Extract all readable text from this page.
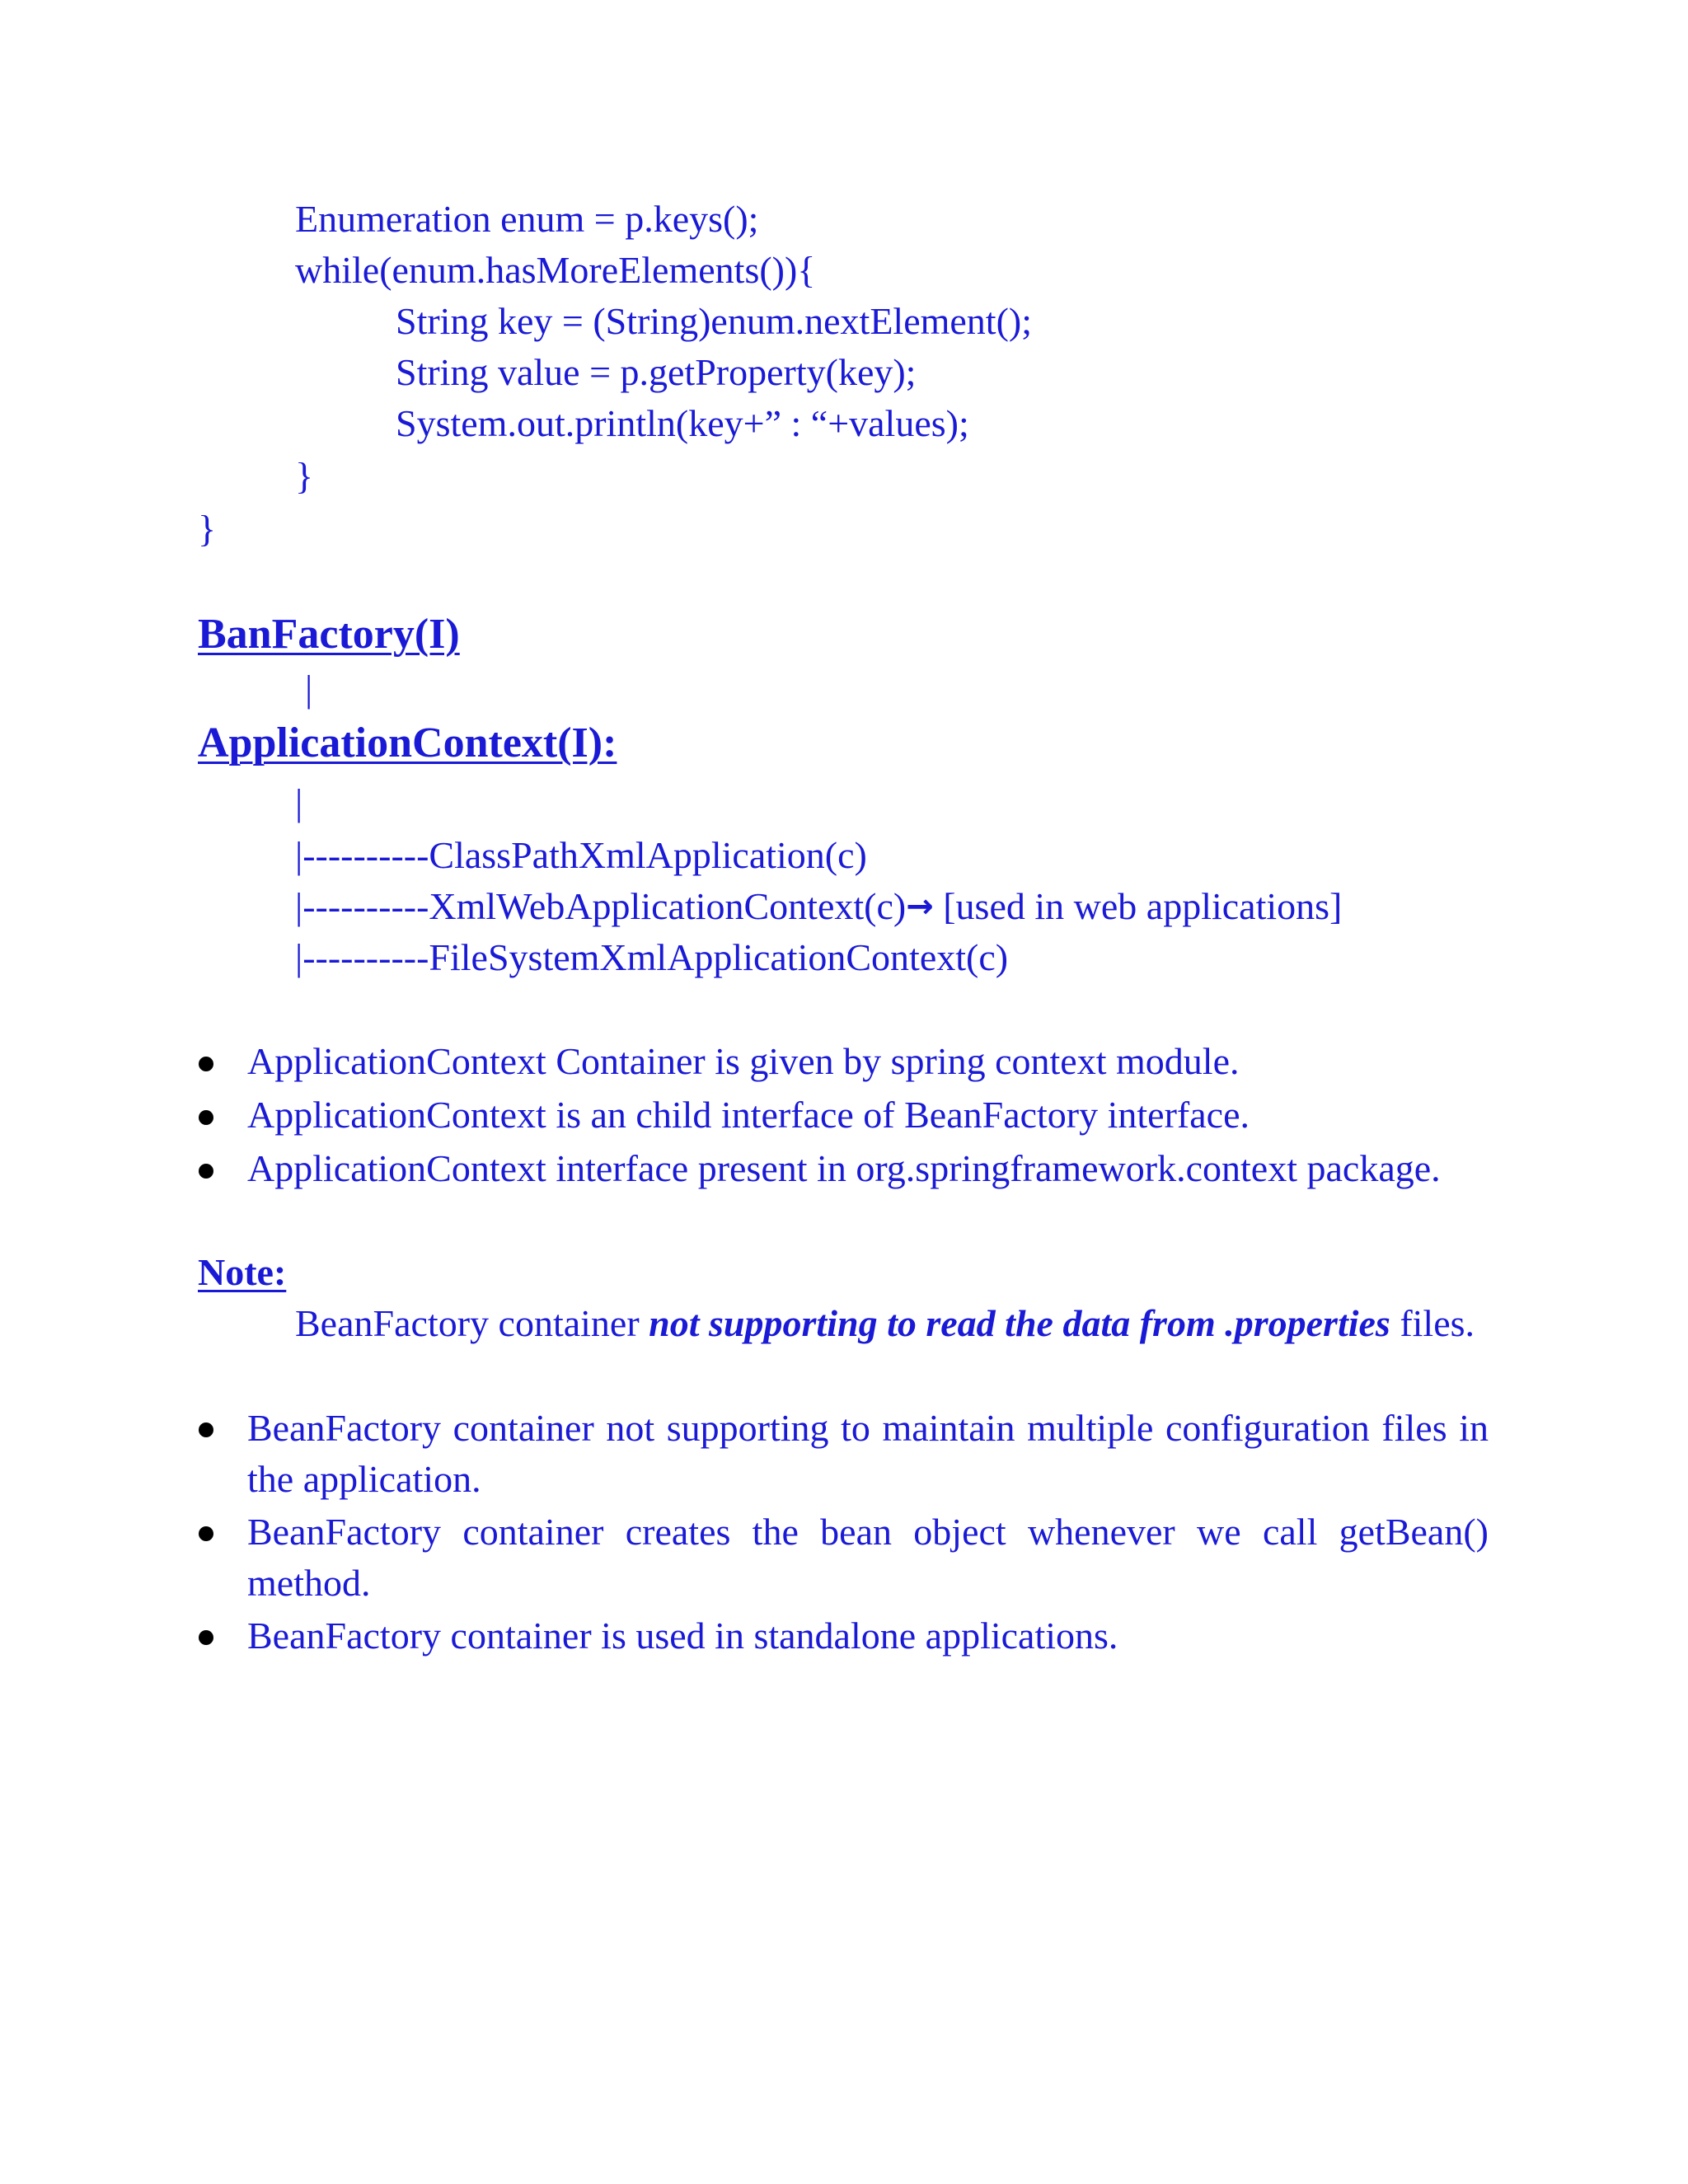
Enumeration enum = p.keys();
while(enum.hasMoreElements()){
String key = (String)enum.nextElement();
String value = p.getProperty(key);
System.out.println(key+” : “+values);
}
}
BanFactory(I)
|
ApplicationContext(I):
|
|----------ClassPathXmlApplication(c)
|----------XmlWebApplicationContext(c)→ [used in web applications]
|----------FileSystemXmlApplicationContext(c)
ApplicationContext Container is given by spring context module.
ApplicationContext is an child interface of BeanFactory interface.
ApplicationContext interface present in org.springframework.context package.
Note:
BeanFactory container not supporting to read the data from .properties files.
BeanFactory container not supporting to maintain multiple configuration files in the application.
BeanFactory container creates the bean object whenever we call getBean() method.
BeanFactory container is used in standalone applications.
